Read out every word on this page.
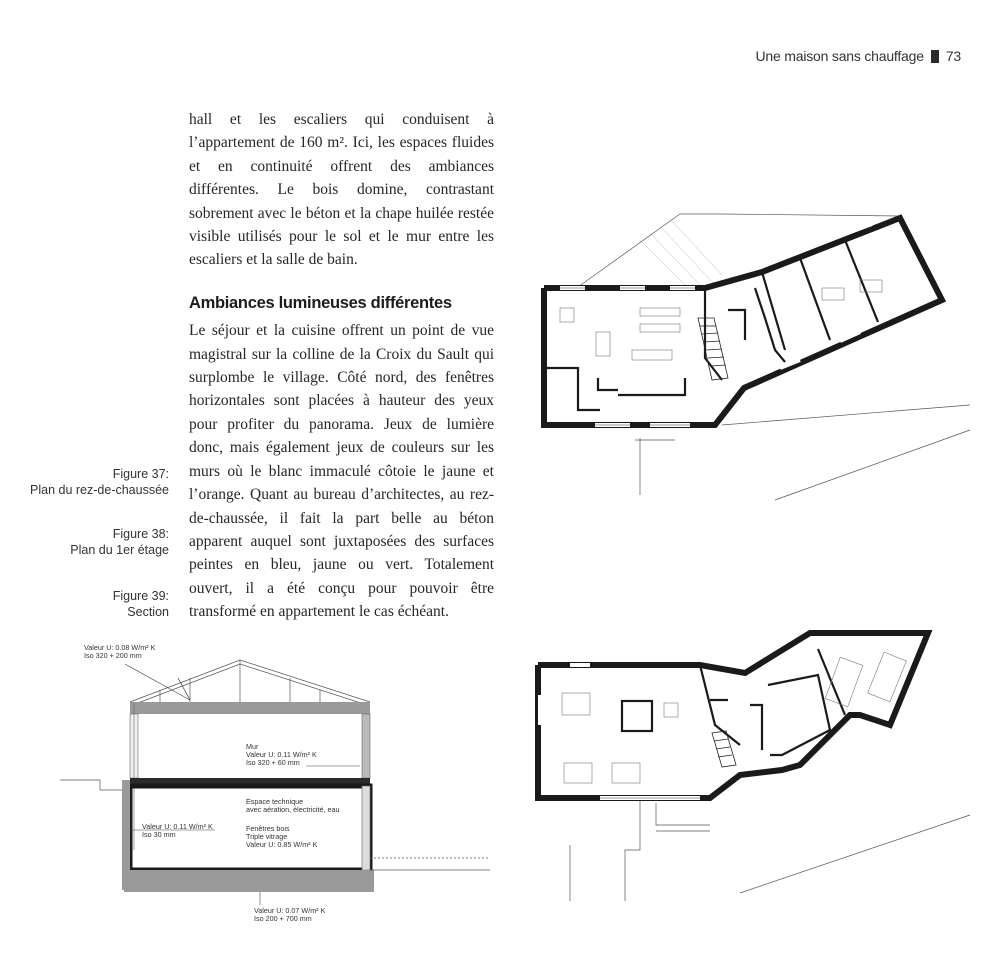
Une maison sans chauffage 73

hall et les escaliers qui conduisent à l’appartement de 160 m². Ici, les espaces fluides et en continuité offrent des ambiances différentes. Le bois domine, contrastant sobrement avec le béton et la chape huilée restée visible utilisés pour le sol et le mur entre les escaliers et la salle de bain.

Ambiances lumineuses différentes

Le séjour et la cuisine offrent un point de vue magistral sur la colline de la Croix du Sault qui surplombe le village. Côté nord, des fenêtres horizontales sont placées à hauteur des yeux pour profiter du panorama. Jeux de lumière donc, mais également jeux de couleurs sur les murs où le blanc immaculé côtoie le jaune et l’orange. Quant au bureau d’architectes, au rez-de-chaussée, il fait la part belle au béton apparent auquel sont juxtaposées des surfaces peintes en bleu, jaune ou vert. Totalement ouvert, il a été conçu pour pouvoir être transformé en appartement le cas échéant.

Figure 37:
Plan du rez-de-chaussée
Figure 38:
Plan du 1er étage
Figure 39:
Section
Valeur U: 0.08 W/m² K
Iso 320 + 200 mm
Mur
Valeur U: 0.11 W/m² K
Iso 320 + 60 mm
Espace technique
avec aération, électricité, eau
Fenêtres bois
Triple vitrage
Valeur U: 0.85 W/m² K
Valeur U: 0.11 W/m² K
Iso 30 mm
Valeur U: 0.07 W/m² K
Iso 200 + 700 mm
